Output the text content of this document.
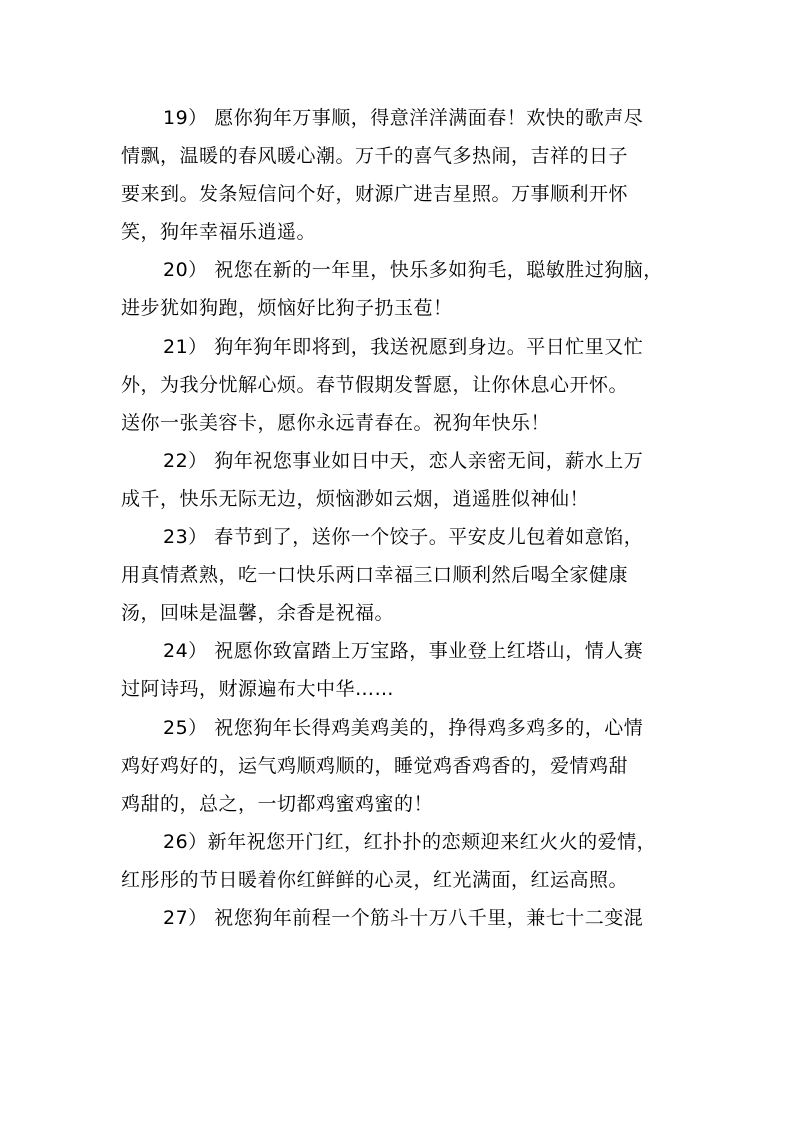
19） 愿你狗年万事顺，得意洋洋满面春！欢快的歌声尽
情飘，温暖的春风暖心潮。万千的喜气多热闹，吉祥的日子
要来到。发条短信问个好，财源广进吉星照。万事顺利开怀
笑，狗年幸福乐逍遥。
20） 祝您在新的一年里，快乐多如狗毛，聪敏胜过狗脑，
进步犹如狗跑，烦恼好比狗子扔玉苞！
21） 狗年狗年即将到，我送祝愿到身边。平日忙里又忙
外，为我分忧解心烦。春节假期发誓愿，让你休息心开怀。
送你一张美容卡，愿你永远青春在。祝狗年快乐！
22） 狗年祝您事业如日中天，恋人亲密无间，薪水上万
成千，快乐无际无边，烦恼渺如云烟，逍遥胜似神仙！
23） 春节到了，送你一个饺子。平安皮儿包着如意馅，
用真情煮熟，吃一口快乐两口幸福三口顺利然后喝全家健康
汤，回味是温馨，余香是祝福。
24） 祝愿你致富踏上万宝路，事业登上红塔山，情人赛
过阿诗玛，财源遍布大中华……
25） 祝您狗年长得鸡美鸡美的，挣得鸡多鸡多的，心情
鸡好鸡好的，运气鸡顺鸡顺的，睡觉鸡香鸡香的，爱情鸡甜
鸡甜的，总之，一切都鸡蜜鸡蜜的！
26）新年祝您开门红，红扑扑的恋颊迎来红火火的爱情，
红彤彤的节日暖着你红鲜鲜的心灵，红光满面，红运高照。
27） 祝您狗年前程一个筋斗十万八千里，兼七十二变混
